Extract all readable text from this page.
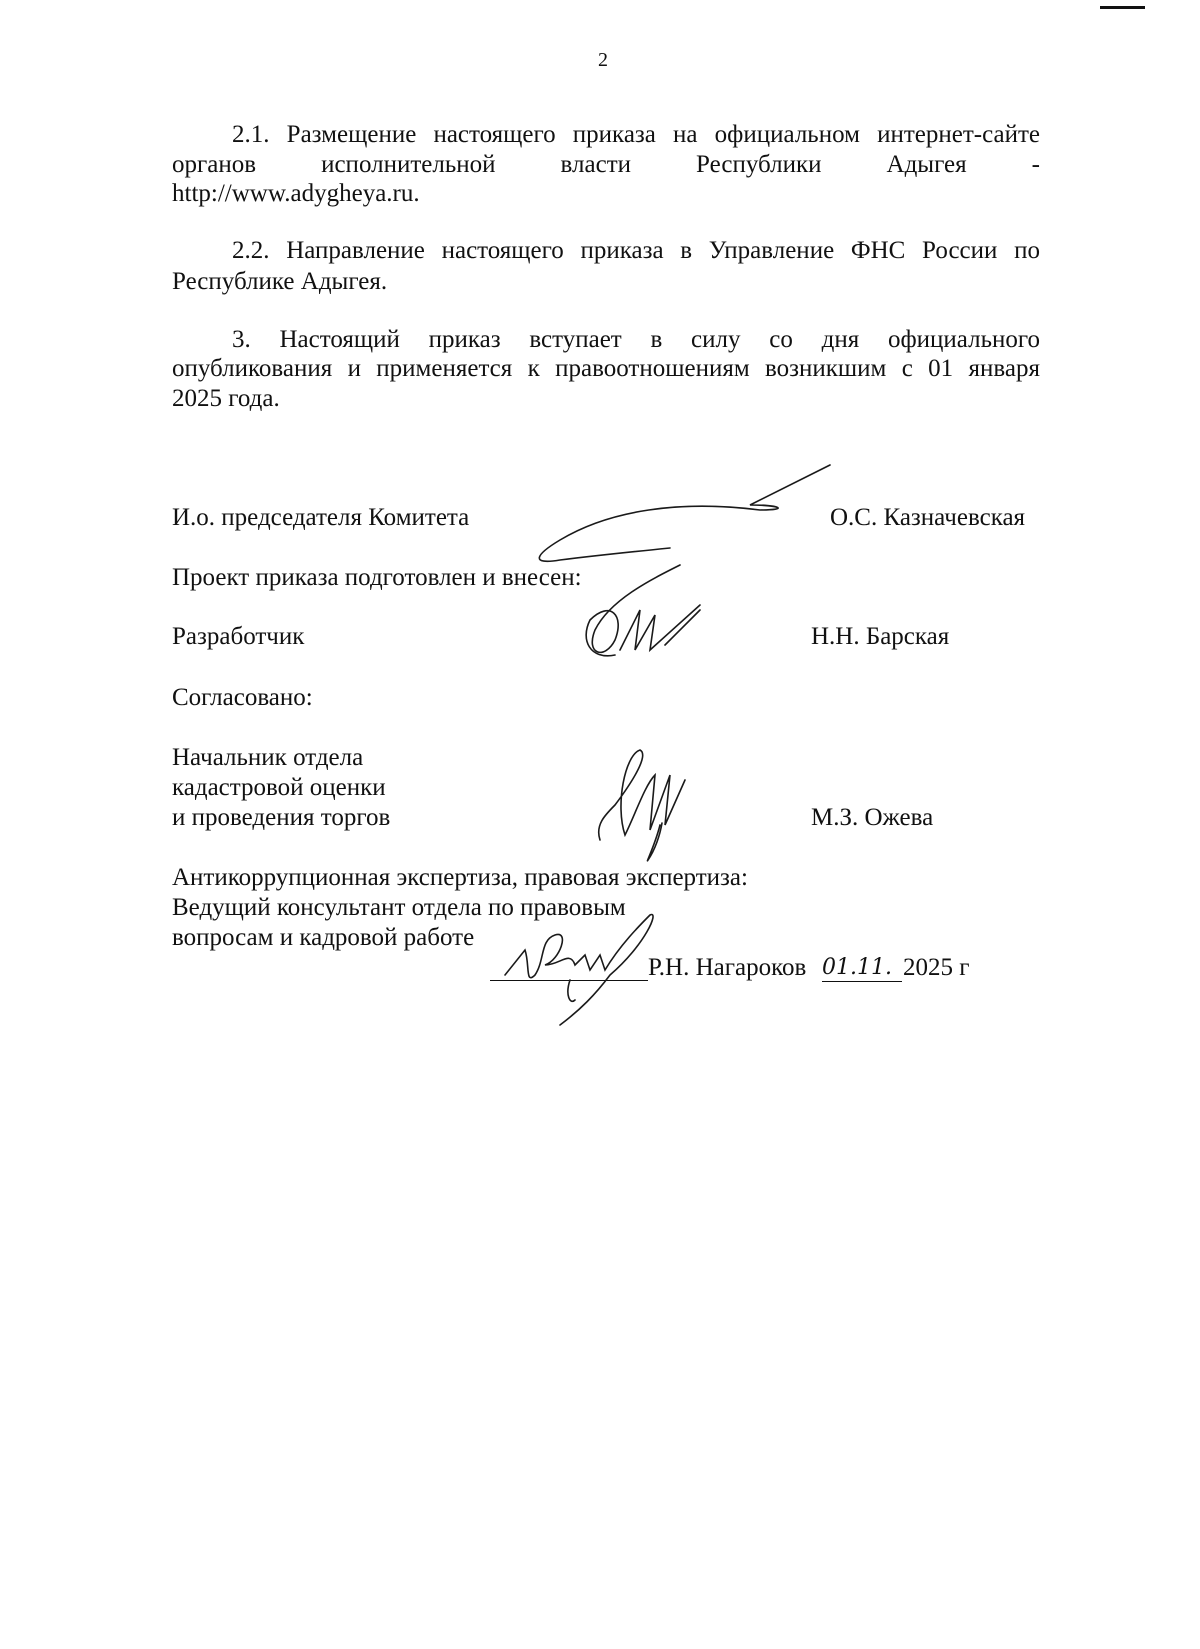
2
2.1. Размещение настоящего приказа на официальном интернет-сайте
органов исполнительной власти Республики Адыгея -
http://www.adygheya.ru.
2.2. Направление настоящего приказа в Управление ФНС России по
Республике Адыгея.
3. Настоящий приказ вступает в силу со дня официального
опубликования и применяется к правоотношениям возникшим с 01 января
2025 года.
И.о. председателя Комитета	О.С. Казначевская
Проект приказа подготовлен и внесен:
Разработчик	Н.Н. Барская
Согласовано:
Начальник отдела
кадастровой оценки
и проведения торгов	М.З. Ожева
Антикоррупционная экспертиза, правовая экспертиза:
Ведущий консультант отдела по правовым
вопросам и кадровой работе
Р.Н. Нагароков 01.11. 2025 г
